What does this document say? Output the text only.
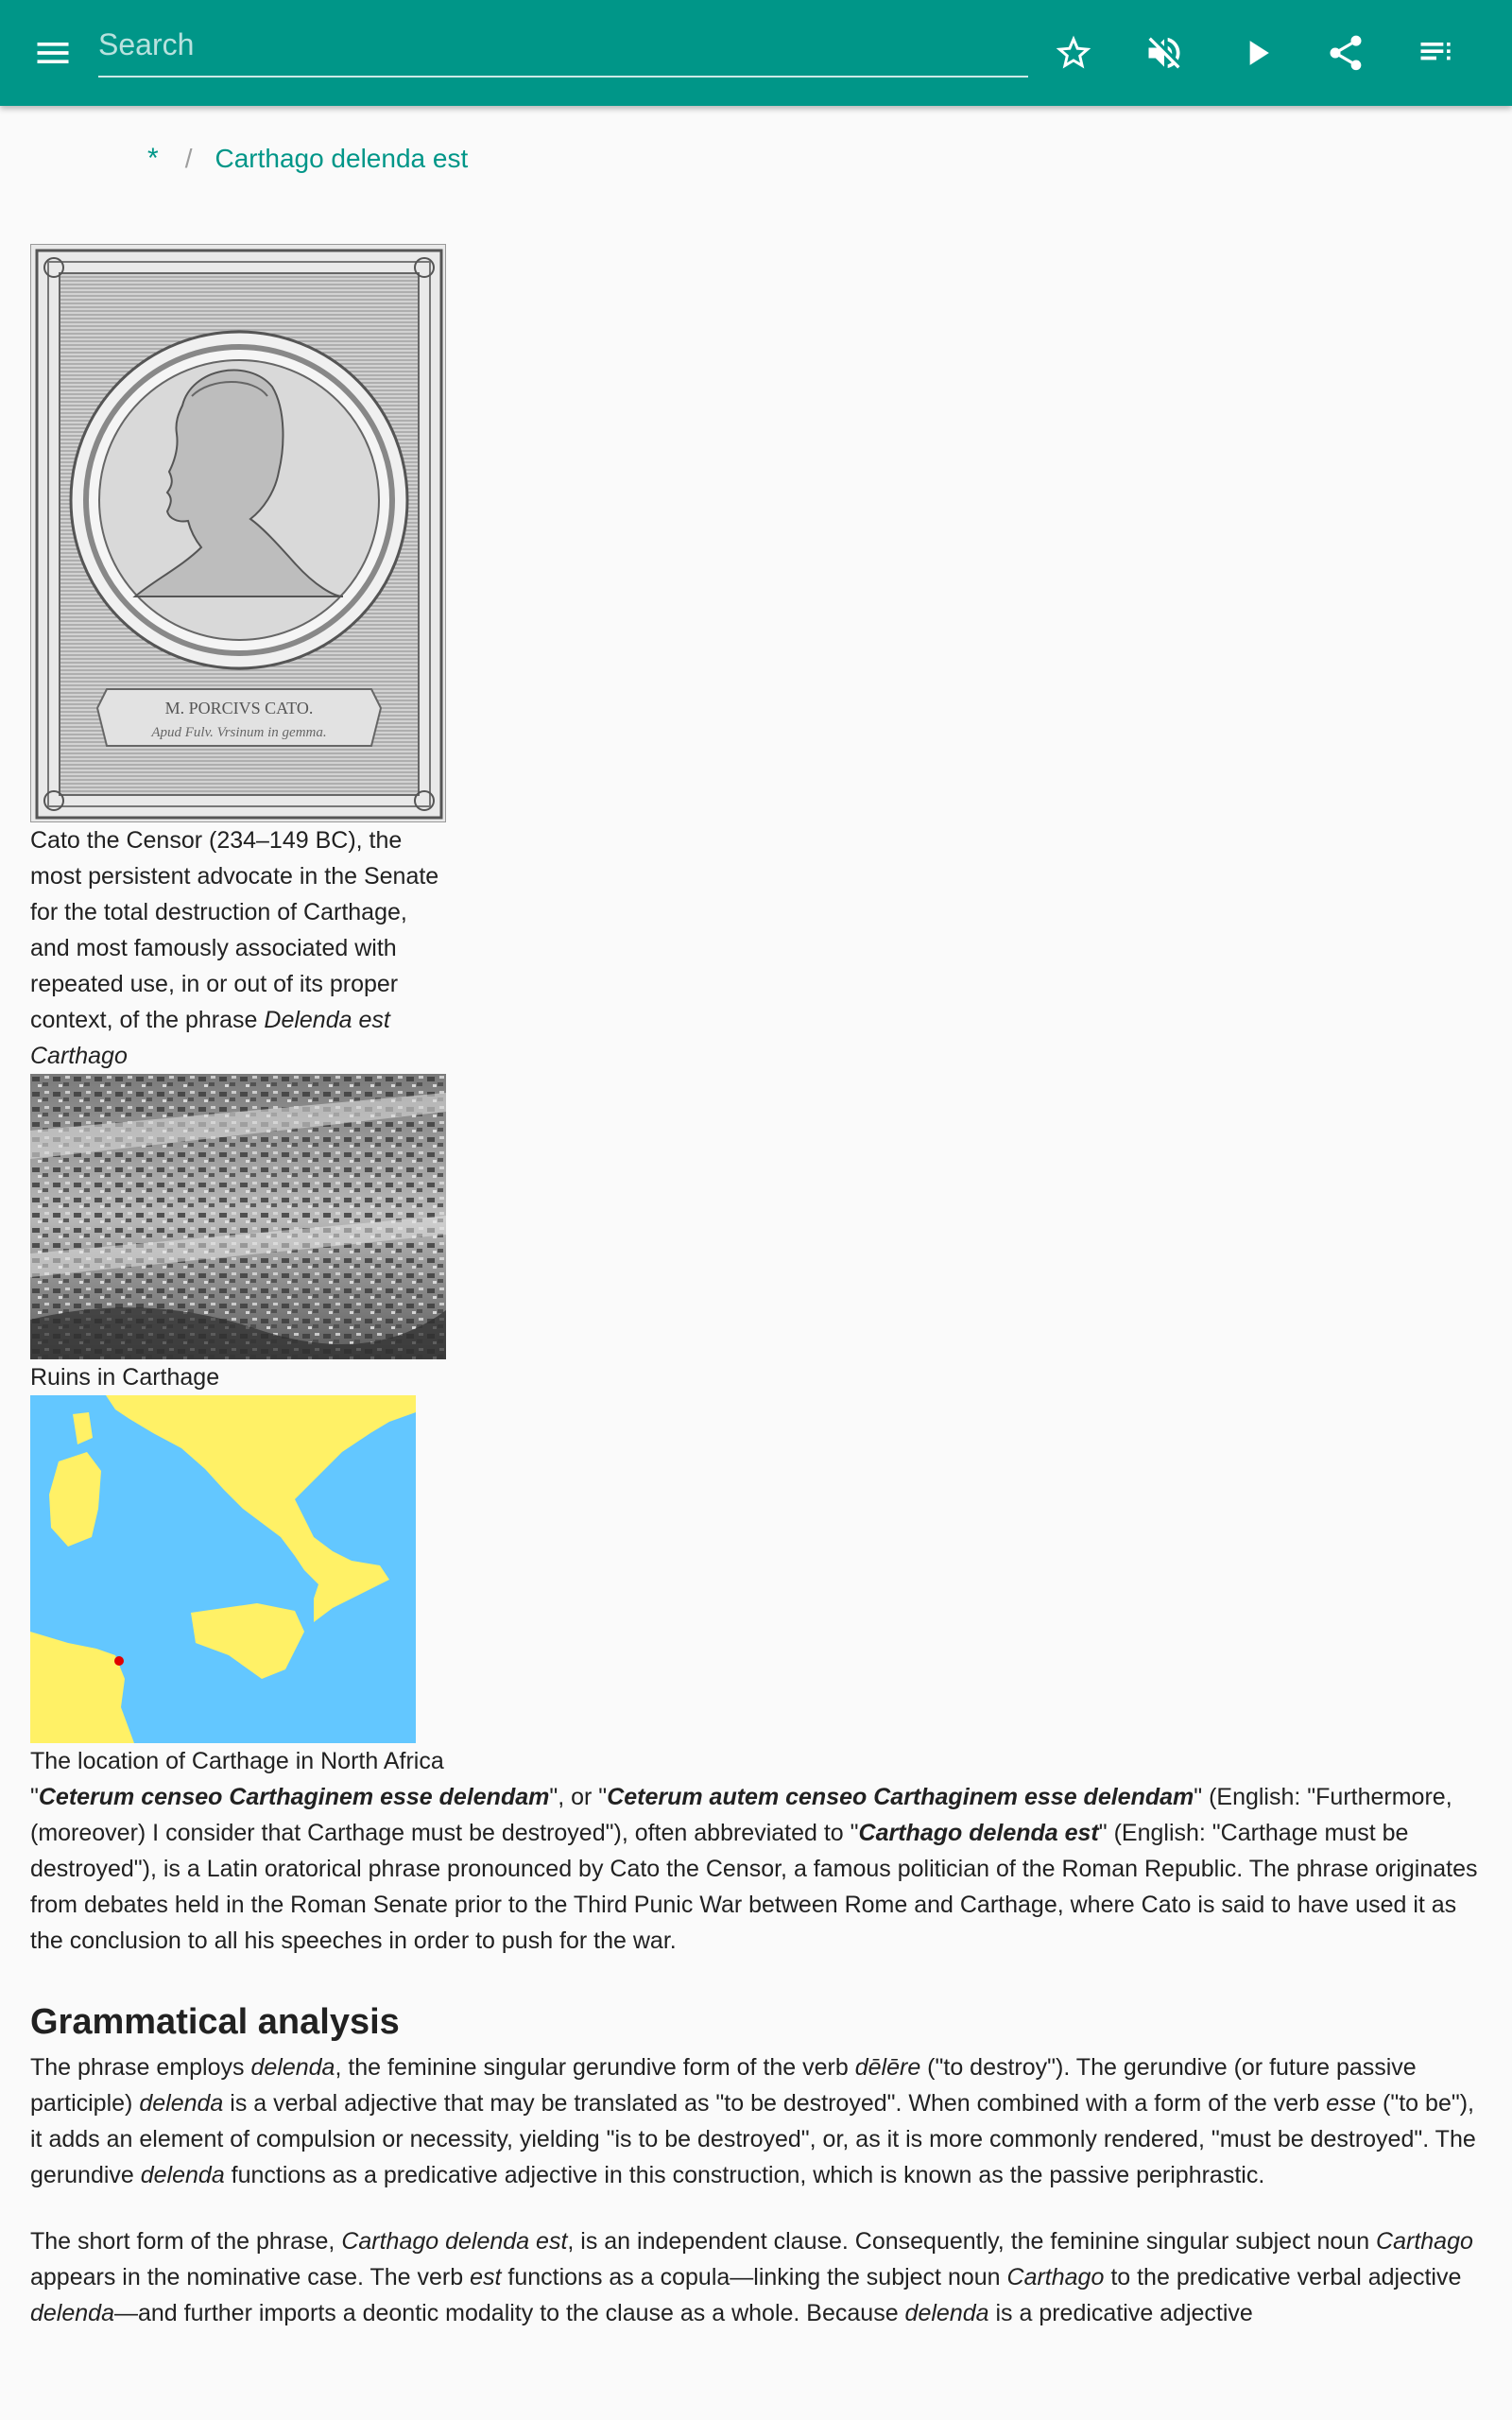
Search
* / Carthago delenda est
M. PORCIVS CATO.
Apud Fulv. Vrsinum in gemma.
Cato the Censor (234–149 BC), the most persistent advocate in the Senate for the total destruction of Carthage, and most famously associated with repeated use, in or out of its proper context, of the phrase Delenda est Carthago
Ruins in Carthage
The location of Carthage in North Africa

"Ceterum censeo Carthaginem esse delendam", or "Ceterum autem censeo Carthaginem esse delendam" (English: "Furthermore, (moreover) I consider that Carthage must be destroyed"), often abbreviated to "Carthago delenda est" (English: "Carthage must be destroyed"), is a Latin oratorical phrase pronounced by Cato the Censor, a famous politician of the Roman Republic. The phrase originates from debates held in the Roman Senate prior to the Third Punic War between Rome and Carthage, where Cato is said to have used it as the conclusion to all his speeches in order to push for the war.

Grammatical analysis

The phrase employs delenda, the feminine singular gerundive form of the verb dēlēre ("to destroy"). The gerundive (or future passive participle) delenda is a verbal adjective that may be translated as "to be destroyed". When combined with a form of the verb esse ("to be"), it adds an element of compulsion or necessity, yielding "is to be destroyed", or, as it is more commonly rendered, "must be destroyed". The gerundive delenda functions as a predicative adjective in this construction, which is known as the passive periphrastic.

The short form of the phrase, Carthago delenda est, is an independent clause. Consequently, the feminine singular subject noun Carthago appears in the nominative case. The verb est functions as a copula—linking the subject noun Carthago to the predicative verbal adjective delenda—and further imports a deontic modality to the clause as a whole. Because delenda is a predicative adjective
